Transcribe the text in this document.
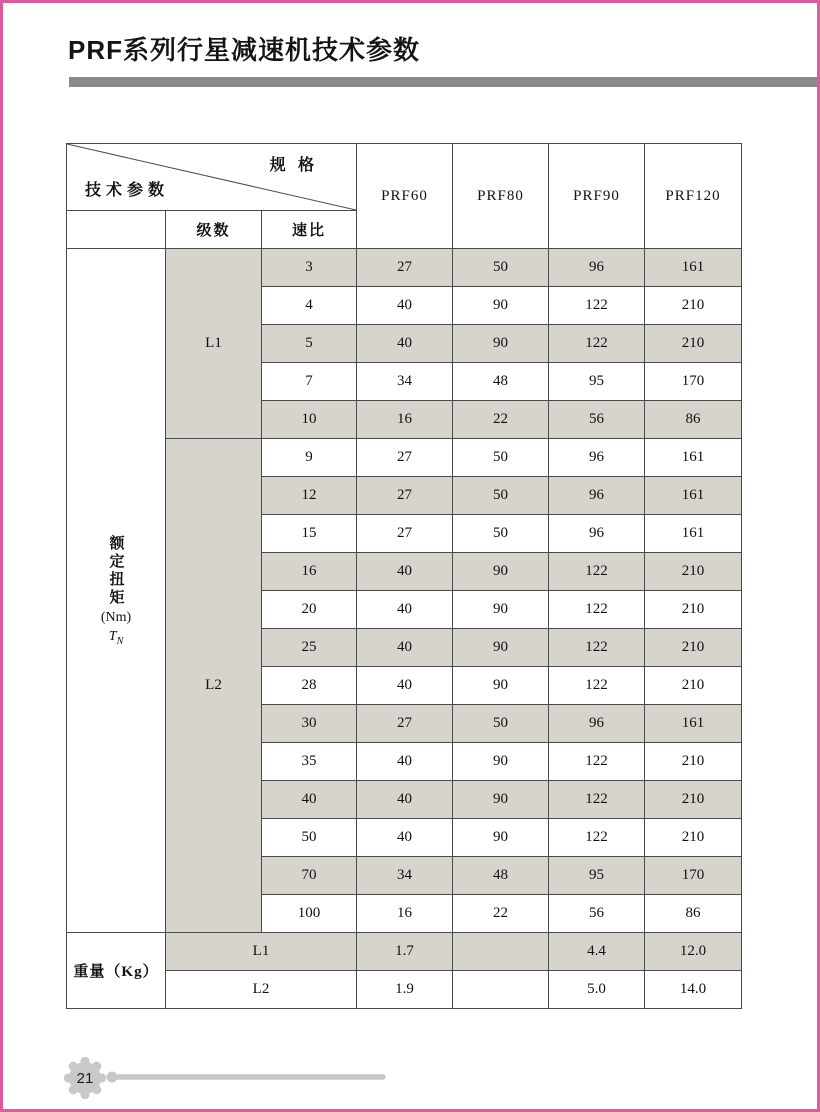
PRF系列行星减速机技术参数
规 格
技术参数			PRF60	PRF80	PRF90	PRF120
	级数	速比				

额定扭矩
(Nm)
$T_N$	L1	3	27	50	96	161
		4	40	90	122	210
		5	40	90	122	210
		7	34	48	95	170
		10	16	22	56	86
	L2	9	27	50	96	161
		12	27	50	96	161
		15	27	50	96	161
		16	40	90	122	210
		20	40	90	122	210
		25	40	90	122	210
		28	40	90	122	210
		30	27	50	96	161
		35	40	90	122	210
		40	40	90	122	210
		50	40	90	122	210
		70	34	48	95	170
		100	16	22	56	86
重量（Kg）	L1		1.7		4.4	12.0
	L2		1.9		5.0	14.0
21
